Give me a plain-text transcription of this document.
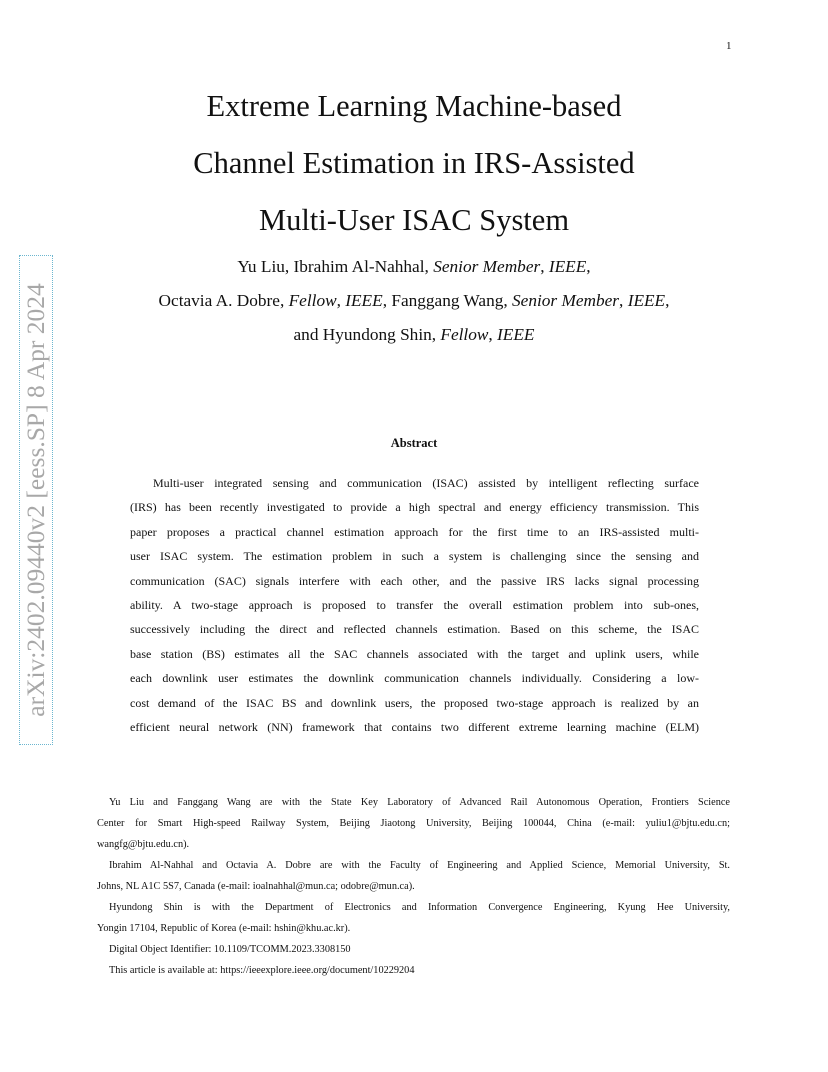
1
arXiv:2402.09440v2 [eess.SP] 8 Apr 2024
Extreme Learning Machine-based
Channel Estimation in IRS-Assisted
Multi-User ISAC System
Yu Liu, Ibrahim Al-Nahhal, Senior Member, IEEE,
Octavia A. Dobre, Fellow, IEEE, Fanggang Wang, Senior Member, IEEE,
and Hyundong Shin, Fellow, IEEE
Abstract
Multi-user integrated sensing and communication (ISAC) assisted by intelligent reflecting surface
(IRS) has been recently investigated to provide a high spectral and energy efficiency transmission. This
paper proposes a practical channel estimation approach for the first time to an IRS-assisted multi-
user ISAC system. The estimation problem in such a system is challenging since the sensing and
communication (SAC) signals interfere with each other, and the passive IRS lacks signal processing
ability. A two-stage approach is proposed to transfer the overall estimation problem into sub-ones,
successively including the direct and reflected channels estimation. Based on this scheme, the ISAC
base station (BS) estimates all the SAC channels associated with the target and uplink users, while
each downlink user estimates the downlink communication channels individually. Considering a low-
cost demand of the ISAC BS and downlink users, the proposed two-stage approach is realized by an
efficient neural network (NN) framework that contains two different extreme learning machine (ELM)
Yu Liu and Fanggang Wang are with the State Key Laboratory of Advanced Rail Autonomous Operation, Frontiers Science
Center for Smart High-speed Railway System, Beijing Jiaotong University, Beijing 100044, China (e-mail: yuliu1@bjtu.edu.cn;
wangfg@bjtu.edu.cn).
Ibrahim Al-Nahhal and Octavia A. Dobre are with the Faculty of Engineering and Applied Science, Memorial University, St.
Johns, NL A1C 5S7, Canada (e-mail: ioalnahhal@mun.ca; odobre@mun.ca).
Hyundong Shin is with the Department of Electronics and Information Convergence Engineering, Kyung Hee University,
Yongin 17104, Republic of Korea (e-mail: hshin@khu.ac.kr).
Digital Object Identifier: 10.1109/TCOMM.2023.3308150
This article is available at: https://ieeexplore.ieee.org/document/10229204
